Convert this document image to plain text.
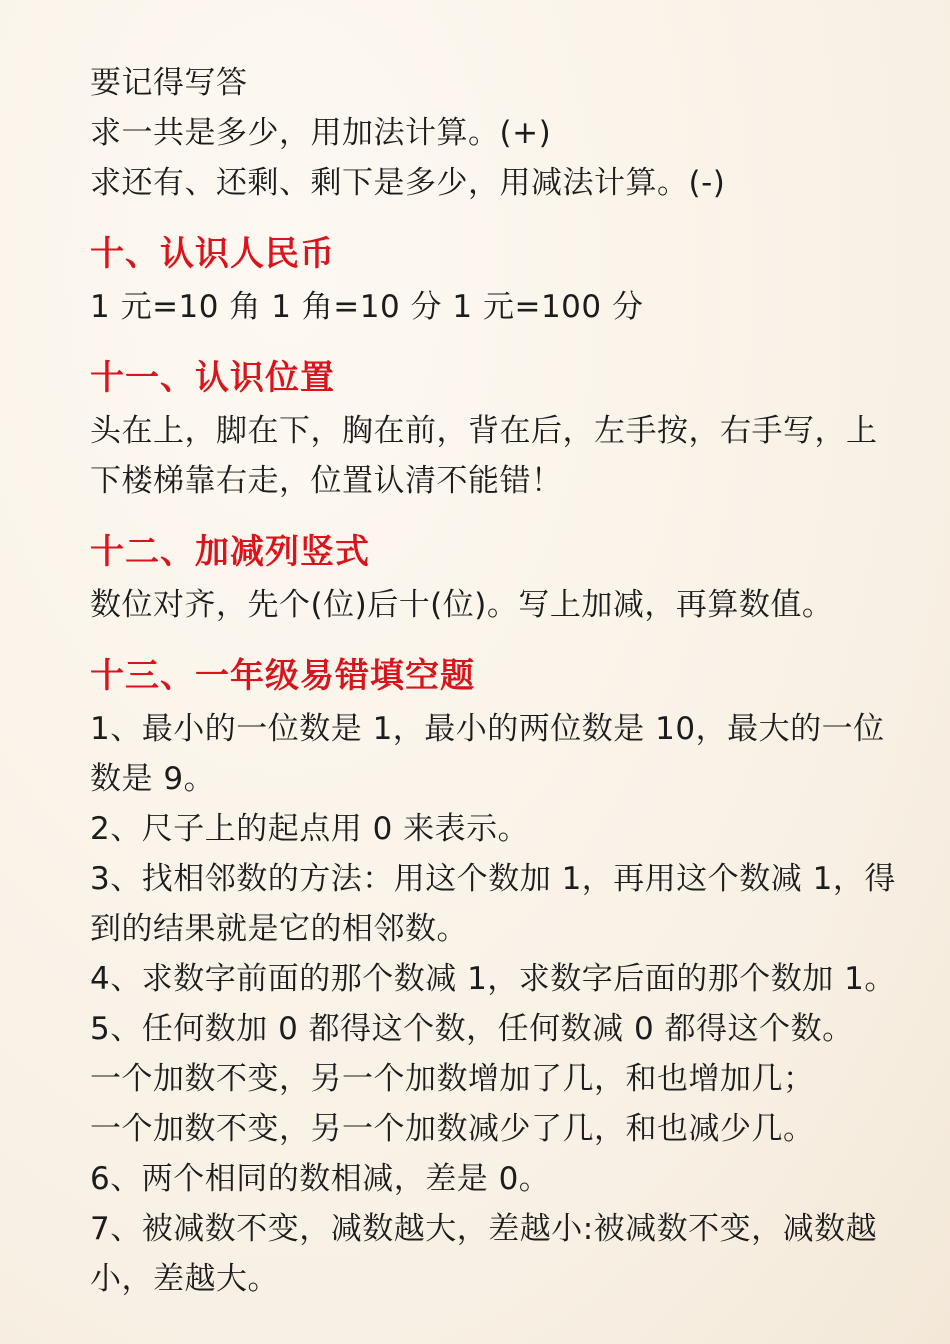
要记得写答
求一共是多少，用加法计算。(+)
求还有、还剩、剩下是多少，用减法计算。(-)
十、认识人民币
1 元=10 角 1 角=10 分 1 元=100 分
十一、认识位置
头在上，脚在下，胸在前，背在后，左手按，右手写，上下楼梯靠右走，位置认清不能错！
十二、加减列竖式
数位对齐，先个(位)后十(位)。写上加减，再算数值。
十三、一年级易错填空题
1、最小的一位数是 1，最小的两位数是 10，最大的一位数是 9。
2、尺子上的起点用 0 来表示。
3、找相邻数的方法：用这个数加 1，再用这个数减 1，得到的结果就是它的相邻数。
4、求数字前面的那个数减 1，求数字后面的那个数加 1。
5、任何数加 0 都得这个数，任何数减 0 都得这个数。
一个加数不变，另一个加数增加了几，和也增加几；
一个加数不变，另一个加数减少了几，和也减少几。
6、两个相同的数相减，差是 0。
7、被减数不变，减数越大，差越小:被减数不变，减数越小，差越大。
